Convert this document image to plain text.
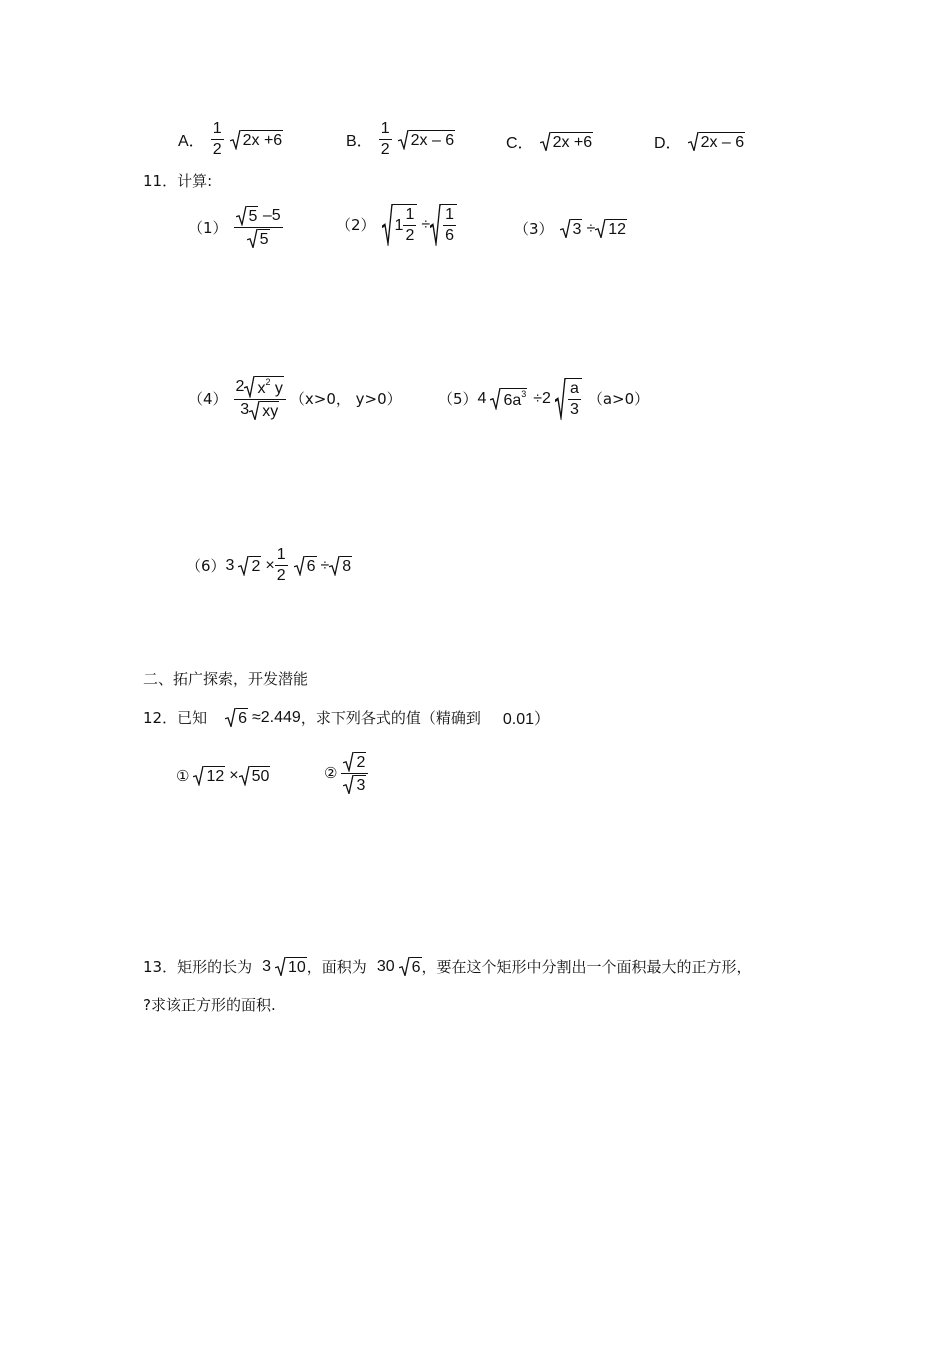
A． $\frac{1}{2} 2x +6$	B． $\frac{1}{2} 2x - 6$	C． 2x +6	D． 2x – 6
11．计算:
$(1) \frac{5 -5}{5}$	（2） $1 \frac{1}{2} \div \frac{1}{6}$	（3） 3 ÷ 12
$(4) \frac{2 x^2 y}{3 xy} (x>0$， y>0） （5） 4 $6a^3 \div 2 \frac{a}{3} (a>0)$
（6） 3 $2 \times \frac{1}{2} 6 \div 8$
二、拓广探索，开发潜能
12．已知 6 ≈2.449 ，求下列各式的值（精确到 0.01）
① 12 × 50	② $\frac{2}{3}$
13．矩形的长为 3 10 ，面积为 30 6 ，要在这个矩形中分割出一个面积最大的正方形，
?求该正方形的面积.
